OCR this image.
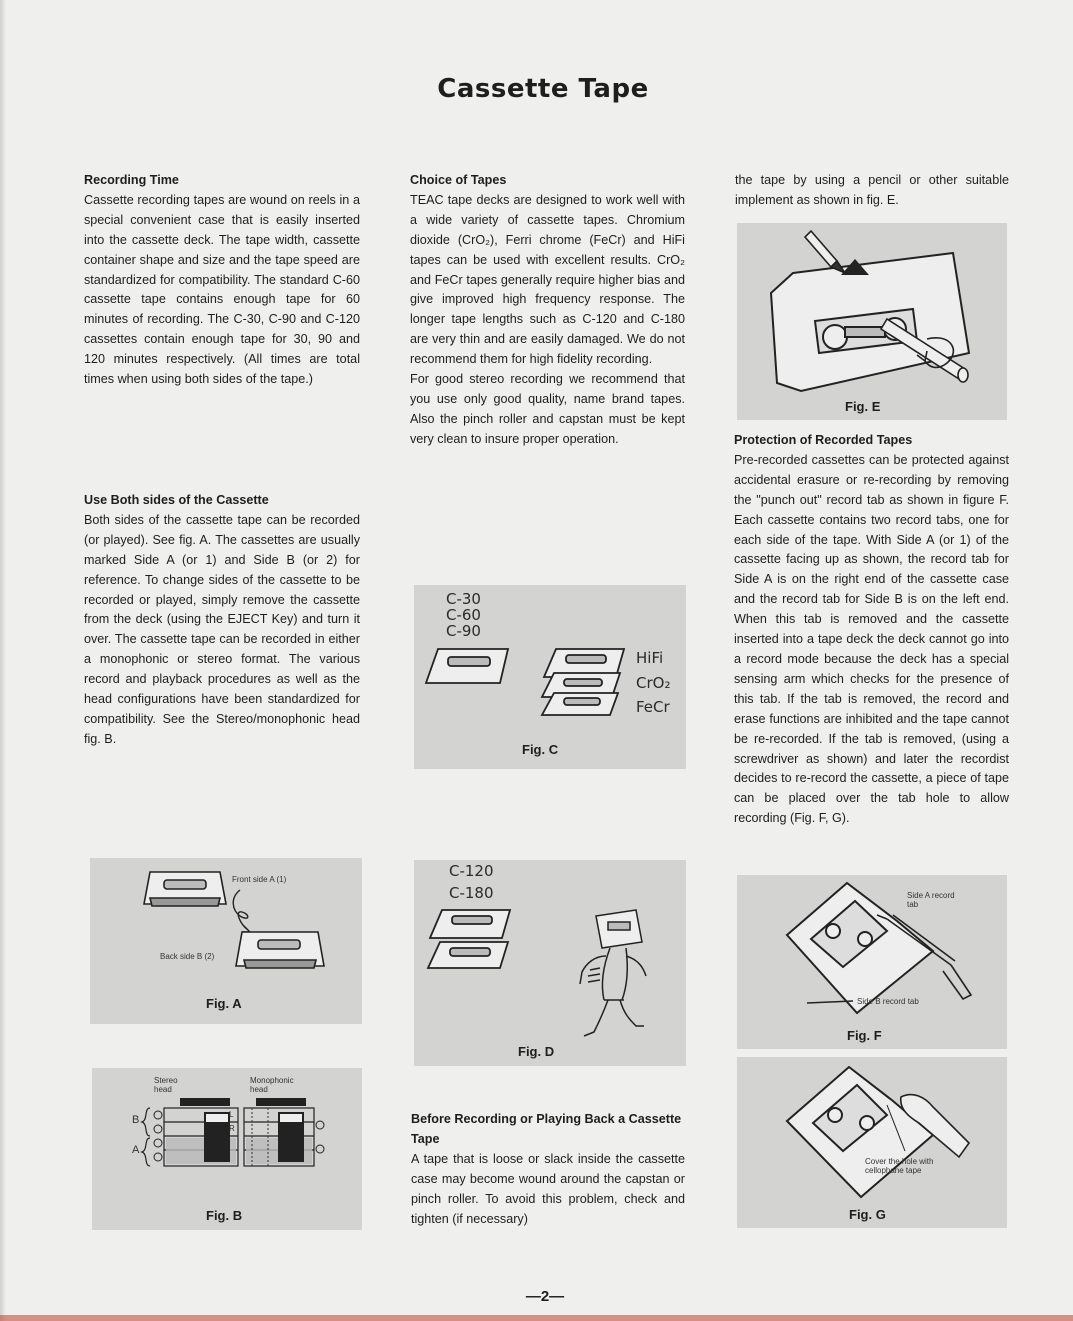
Cassette Tape
Recording Time

Cassette recording tapes are wound on reels in a special convenient case that is easily inserted into the cassette deck. The tape width, cassette container shape and size and the tape speed are standardized for compatibility. The standard C-60 cassette tape contains enough tape for 60 minutes of recording. The C-30, C-90 and C-120 cassettes contain enough tape for 30, 90 and 120 minutes respectively. (All times are total times when using both sides of the tape.)

Use Both sides of the Cassette

Both sides of the cassette tape can be recorded (or played). See fig. A. The cassettes are usually marked Side A (or 1) and Side B (or 2) for reference. To change sides of the cassette to be recorded or played, simply remove the cassette from the deck (using the EJECT Key) and turn it over. The cassette tape can be recorded in either a monophonic or stereo format. The various record and playback procedures as well as the head configurations have been standardized for compatibility. See the Stereo/monophonic head fig. B.

Choice of Tapes

TEAC tape decks are designed to work well with a wide variety of cassette tapes. Chromium dioxide (CrO₂), Ferri chrome (FeCr) and HiFi tapes can be used with excellent results. CrO₂ and FeCr tapes generally require higher bias and give improved high frequency response. The longer tape lengths such as C-120 and C-180 are very thin and are easily damaged. We do not recommend them for high fidelity recording.

For good stereo recording we recommend that you use only good quality, name brand tapes. Also the pinch roller and capstan must be kept very clean to insure proper operation.

Before Recording or Playing Back a Cassette Tape

A tape that is loose or slack inside the cassette case may become wound around the capstan or pinch roller. To avoid this problem, check and tighten (if necessary)

the tape by using a pencil or other suitable implement as shown in fig. E.

Protection of Recorded Tapes

Pre-recorded cassettes can be protected against accidental erasure or re-recording by removing the "punch out" record tab as shown in figure F. Each cassette contains two record tabs, one for each side of the tape. With Side A (or 1) of the cassette facing up as shown, the record tab for Side A is on the right end of the cassette case and the record tab for Side B is on the left end. When this tab is removed and the cassette inserted into a tape deck the deck cannot go into a record mode because the deck has a special sensing arm which checks for the presence of this tab. If the tab is removed, the record and erase functions are inhibited and the tape cannot be re-recorded. If the tab is removed, (using a screwdriver as shown) and later the recordist decides to re-record the cassette, a piece of tape can be placed over the tab hole to allow recording (Fig. F, G).

Front side A (1)
Back side B (2)
Fig. A
Stereo head
Monophonic head
B
A
L
R
Fig. B
C-30
C-60
C-90
HiFi
CrO₂
FeCr
Fig. C
C-120
C-180
Fig. D
Fig. E
Side A record tab
Side B record tab
Fig. F
Cover the hole with cellophane tape
Fig. G
—2—
